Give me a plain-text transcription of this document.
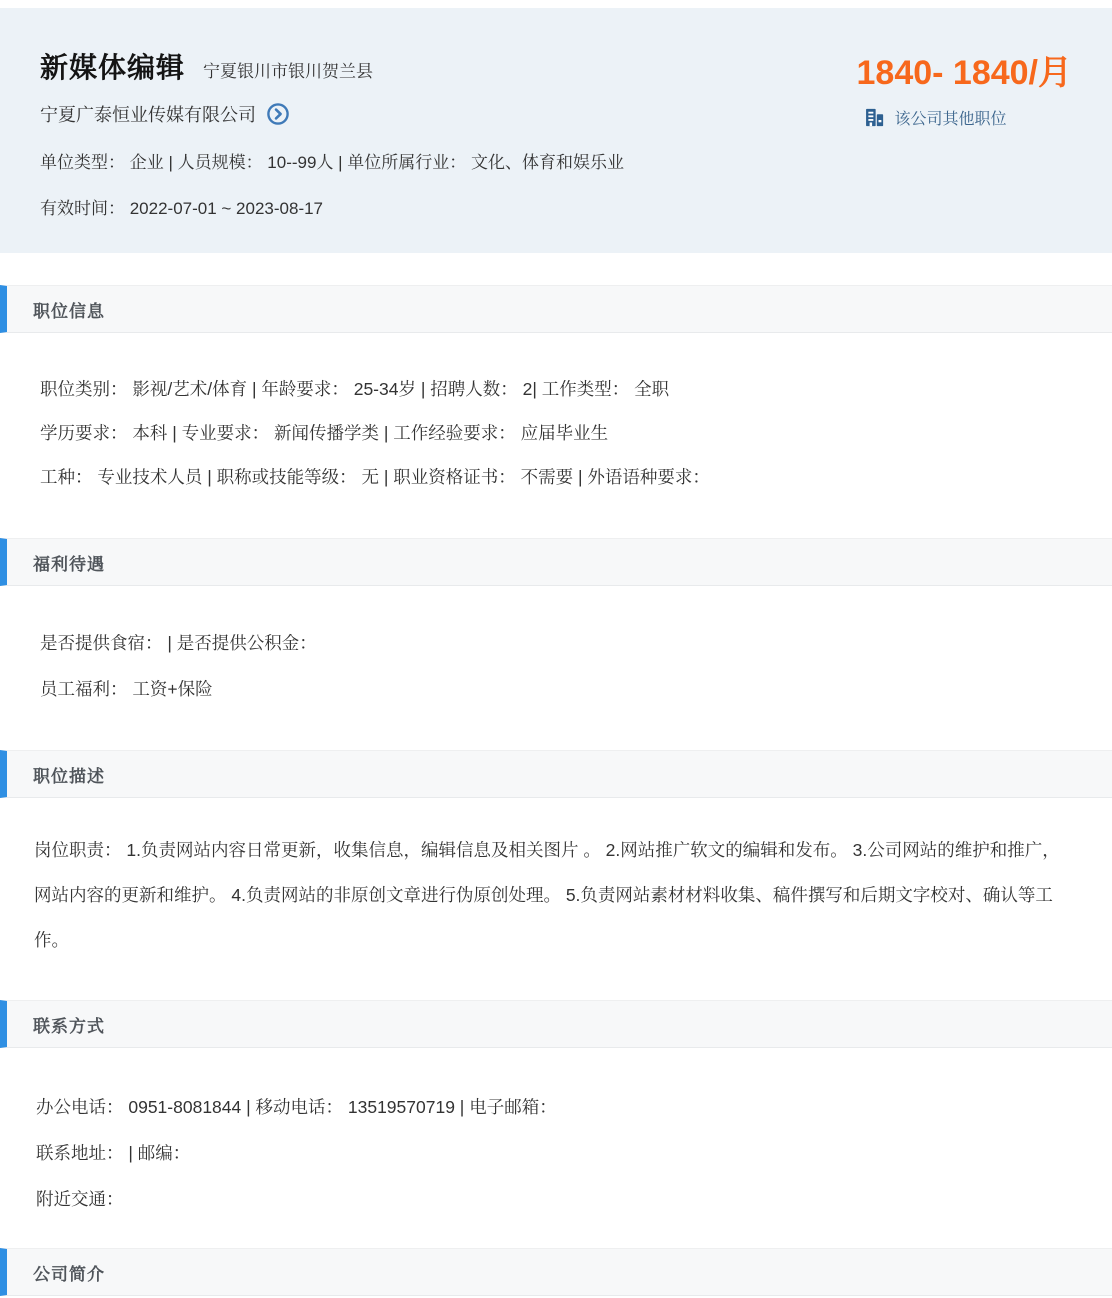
新媒体编辑 宁夏银川市银川贺兰县
宁夏广泰恒业传媒有限公司
单位类型： 企业 | 人员规模： 10--99人 | 单位所属行业： 文化、体育和娱乐业
有效时间： 2022-07-01 ~ 2023-08-17
1840- 1840/月
该公司其他职位
职位信息
职位类别： 影视/艺术/体育 | 年龄要求： 25-34岁 | 招聘人数： 2| 工作类型： 全职
学历要求： 本科 | 专业要求： 新闻传播学类 | 工作经验要求： 应届毕业生
工种： 专业技术人员 | 职称或技能等级： 无 | 职业资格证书： 不需要 | 外语语种要求：
福利待遇
是否提供食宿： | 是否提供公积金：
员工福利： 工资+保险
职位描述

岗位职责： 1.负责网站内容日常更新，收集信息，编辑信息及相关图片 。 2.网站推广软文的编辑和发布。 3.公司网站的维护和推广，网站内容的更新和维护。 4.负责网站的非原创文章进行伪原创处理。 5.负责网站素材材料收集、稿件撰写和后期文字校对、确认等工作。

联系方式
办公电话： 0951-8081844 | 移动电话： 13519570719 | 电子邮箱：
联系地址： | 邮编：
附近交通：
公司简介
